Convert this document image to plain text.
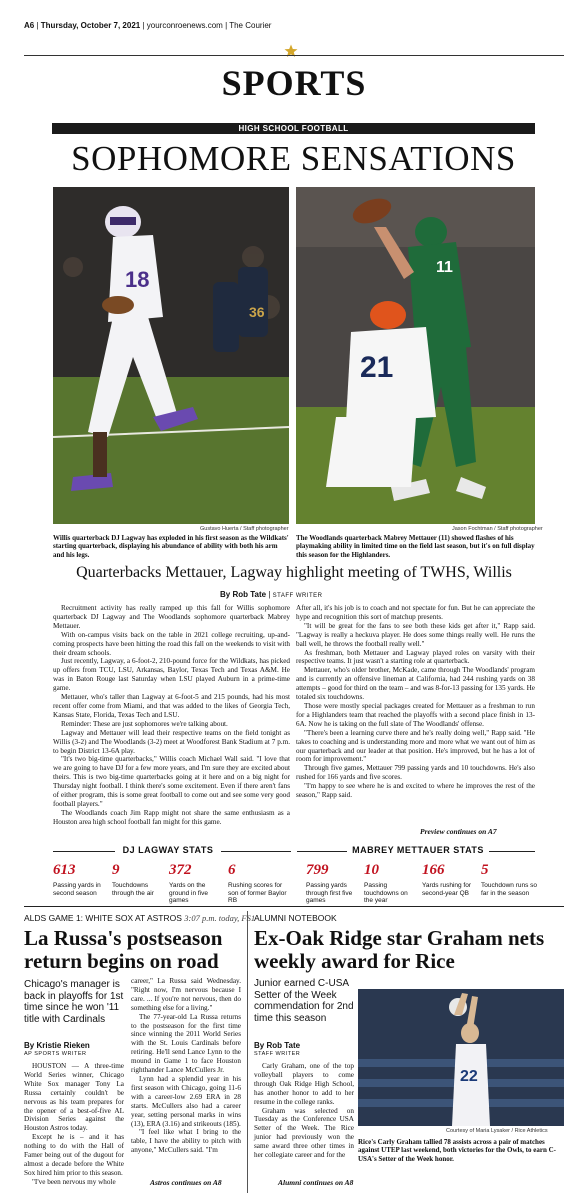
A6 | Thursday, October 7, 2021 | yourconroenews.com | The Courier
SPORTS
HIGH SCHOOL FOOTBALL
SOPHOMORE SENSATIONS
36
18
Gustavo Huerta / Staff photographer
Willis quarterback DJ Lagway has exploded in his first season as the Wildkats' starting quarterback, displaying his abundance of ability with both his arm and his legs.
11
21
Jason Fochtman / Staff photographer
The Woodlands quarterback Mabrey Mettauer (11) showed flashes of his playmaking ability in limited time on the field last season, but it's on full display this season for the Highlanders.
Quarterbacks Mettauer, Lagway highlight meeting of TWHS, Willis
By Rob Tate | STAFF WRITER

Recruitment activity has really ramped up this fall for Willis sophomore quarterback DJ Lagway and The Woodlands sophomore quarterback Mabrey Mettauer.

With on-campus visits back on the table in 2021 college recruiting, up-and-coming prospects have been hitting the road this fall on the weekends to visit with their dream schools.

Just recently, Lagway, a 6-foot-2, 210-pound force for the Wildkats, has picked up offers from TCU, LSU, Arkansas, Baylor, Texas Tech and Texas A&M. He was in Baton Rouge last Saturday when LSU played Auburn in a prime-time game.

Mettauer, who's taller than Lagway at 6-foot-5 and 215 pounds, had his most recent offer come from Miami, and that was added to the likes of Georgia Tech, Kansas State, Florida, Texas Tech and LSU.

Reminder: These are just sophomores we're talking about.

Lagway and Mettauer will lead their respective teams on the field tonight as Willis (3-2) and The Woodlands (3-2) meet at Woodforest Bank Stadium at 7 p.m. to begin District 13-6A play.

"It's two big-time quarterbacks," Willis coach Michael Wall said. "I love that we are going to have DJ for a few more years, and I'm sure they are excited about theirs. This is two big-time quarterbacks going at it here and on a big night for Thursday night football. I think there's some excitement. Even if there aren't fans of either program, this is some great football to come out and see some very good football players."

The Woodlands coach Jim Rapp might not share the same enthusiasm as a Houston area high school football fan might for this game.

After all, it's his job is to coach and not spectate for fun. But he can appreciate the hype and recognition this sort of matchup presents.

"It will be great for the fans to see both these kids get after it," Rapp said. "Lagway is really a heckuva player. He does some things really well. He runs the ball well, he throws the football really well."

As freshman, both Mettauer and Lagway played roles on varsity with their respective teams. It just wasn't a starting role at quarterback.

Mettauer, who's older brother, McKade, came through The Woodlands' program and is currently an offensive lineman at California, had 244 rushing yards on 38 attempts – good for third on the team – and was 8-for-13 passing for 135 yards. He totaled six touchdowns.

Those were mostly special packages created for Mettauer as a freshman to run for a Highlanders team that reached the playoffs with a second place finish in 13-6A. Now he is taking on the full slate of The Woodlands' offense.

"There's been a learning curve there and he's really doing well," Rapp said. "He takes to coaching and is understanding more and more what we want out of him as our quarterback and our leader at that position. He's improved, but he has a lot of room for improvement."

Through five games, Mettauer 799 passing yards and 10 touchdowns. He's also rushed for 166 yards and five scores.

"I'm happy to see where he is and excited to where he improves the rest of the season," Rapp said.

Preview continues on A7
DJ LAGWAY STATS
613
Passing yards in second season
9
Touchdowns through the air
372
Yards on the ground in five games
6
Rushing scores for son of former Baylor RB
MABREY METTAUER STATS
799
Passing yards through first five games
10
Passing touchdowns on the year
166
Yards rushing for second-year QB
5
Touchdown runs so far in the season
ALDS GAME 1: WHITE SOX AT ASTROS 3:07 p.m. today, FS1
La Russa's postseason return begins on road
Chicago's manager is back in playoffs for 1st time since he won '11 title with Cardinals
By Kristie Rieken
AP SPORTS WRITER

HOUSTON — A three-time World Series winner, Chicago White Sox manager Tony La Russa certainly couldn't be nervous as his team prepares for the opener of a best-of-five AL Division Series against the Houston Astros today.

Except he is – and it has nothing to do with the Hall of Famer being out of the dugout for almost a decade before the White Sox hired him prior to this season.

"I've been nervous my whole

career," La Russa said Wednesday. "Right now, I'm nervous because I care. ... If you're not nervous, then do something else for a living."

The 77-year-old La Russa returns to the postseason for the first time since winning the 2011 World Series with the St. Louis Cardinals before retiring. He'll send Lance Lynn to the mound in Game 1 to face Houston righthander Lance McCullers Jr.

Lynn had a splendid year in his first season with Chicago, going 11-6 with a career-low 2.69 ERA in 28 starts. McCullers also had a career year, setting personal marks in wins (13), ERA (3.16) and strikeouts (185).

"I feel like what I bring to the table, I have the ability to pitch with anyone," McCullers said. "I'm

Astros continues on A8
ALUMNI NOTEBOOK
Ex-Oak Ridge star Graham nets weekly award for Rice
Junior earned C-USA Setter of the Week commendation for 2nd time this season
By Rob Tate
STAFF WRITER

Carly Graham, one of the top volleyball players to come through Oak Ridge High School, has another honor to add to her resume in the college ranks.

Graham was selected on Tuesday as the Conference USA Setter of the Week. The Rice junior had previously won the same award three other times in her collegiate career and for the

Alumni continues on A8
22
Courtesy of Maria Lysaker / Rice Athletics
Rice's Carly Graham tallied 78 assists across a pair of matches against UTEP last weekend, both victories for the Owls, to earn C-USA's Setter of the Week honor.
